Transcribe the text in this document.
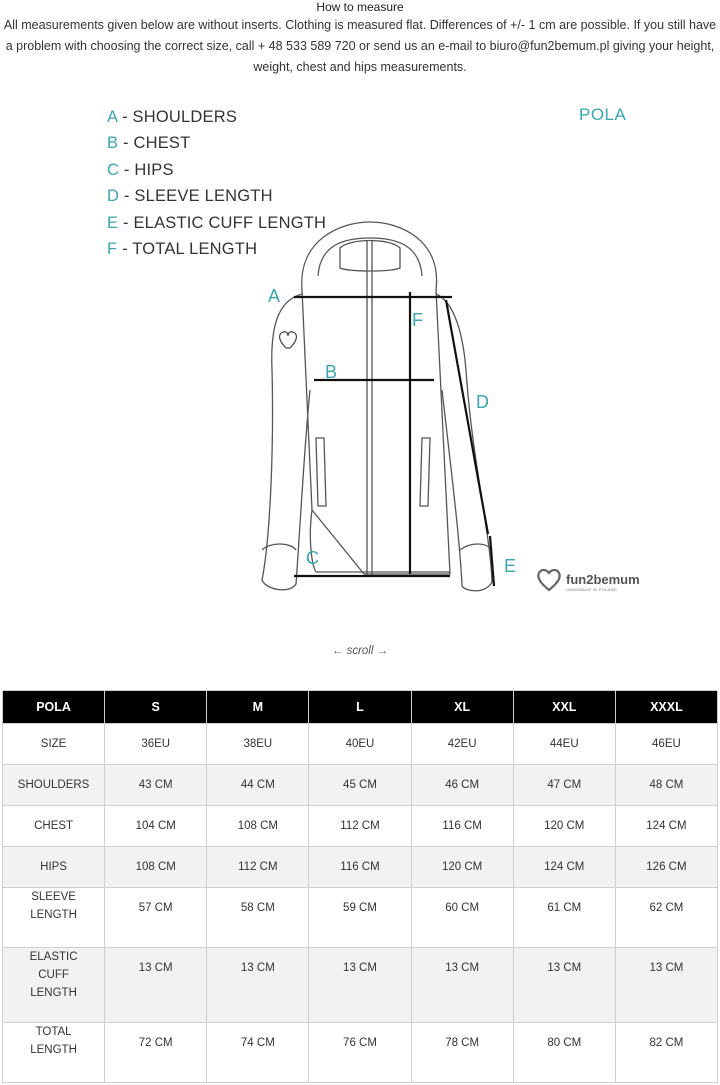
How to measure
All measurements given below are without inserts. Clothing is measured flat. Differences of +/- 1 cm are possible. If you still have a problem with choosing the correct size, call + 48 533 589 720 or send us an e-mail to biuro@fun2bemum.pl giving your height, weight, chest and hips measurements.
A - SHOULDERS
B - CHEST
C - HIPS
D - SLEEVE LENGTH
E - ELASTIC CUFF LENGTH
F - TOTAL LENGTH
POLA
A
B
C
D
E
F
fun2bemum
HANDMADE IN POLAND
← scroll →
POLA	S	M	L	XL	XXL	XXXL
SIZE	36EU	38EU	40EU	42EU	44EU	46EU
SHOULDERS	43 CM	44 CM	45 CM	46 CM	47 CM	48 CM
CHEST	104 CM	108 CM	112 CM	116 CM	120 CM	124 CM
HIPS	108 CM	112 CM	116 CM	120 CM	124 CM	126 CM
SLEEVE LENGTH	57 CM	58 CM	59 CM	60 CM	61 CM	62 CM
ELASTIC CUFF LENGTH	13 CM	13 CM	13 CM	13 CM	13 CM	13 CM
TOTAL LENGTH	72 CM	74 CM	76 CM	78 CM	80 CM	82 CM
